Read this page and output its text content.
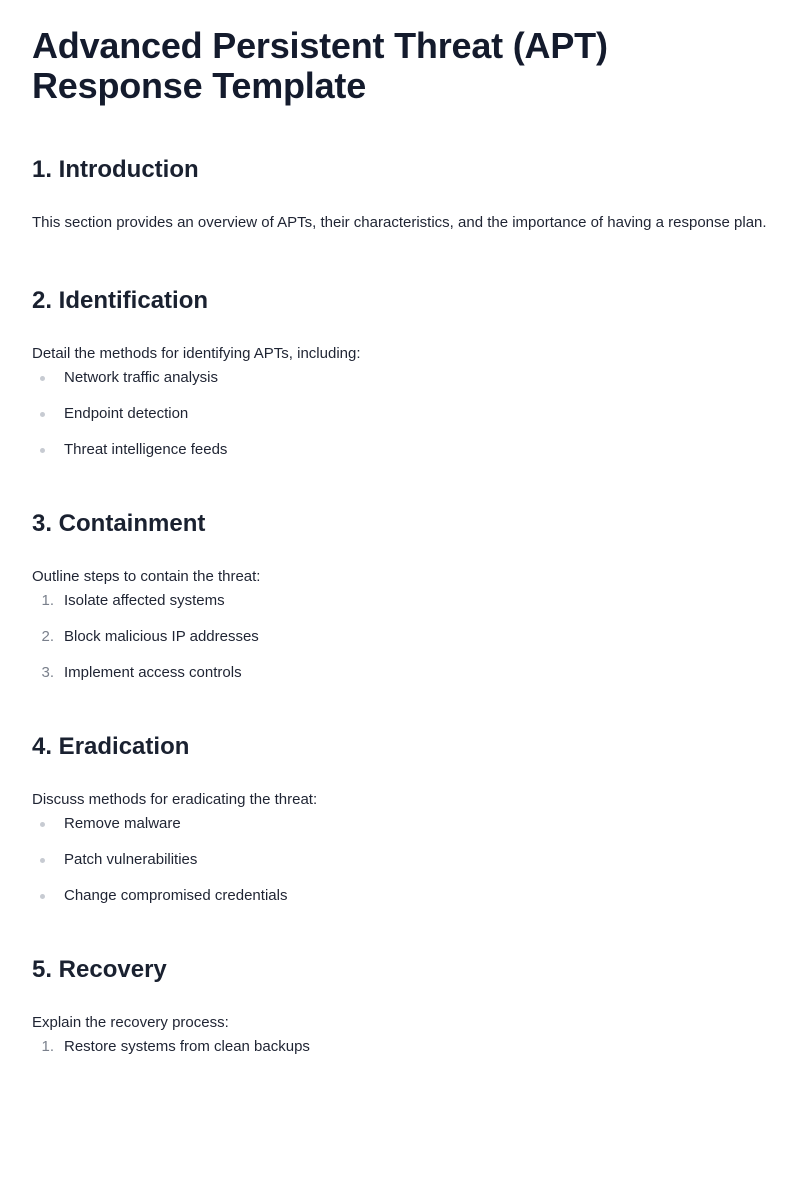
Advanced Persistent Threat (APT) Response Template
1. Introduction

This section provides an overview of APTs, their characteristics, and the importance of having a response plan.

2. Identification

Detail the methods for identifying APTs, including:

Network traffic analysis
Endpoint detection
Threat intelligence feeds
3. Containment

Outline steps to contain the threat:

1. Isolate affected systems
2. Block malicious IP addresses
3. Implement access controls
4. Eradication

Discuss methods for eradicating the threat:

Remove malware
Patch vulnerabilities
Change compromised credentials
5. Recovery

Explain the recovery process:

1. Restore systems from clean backups
